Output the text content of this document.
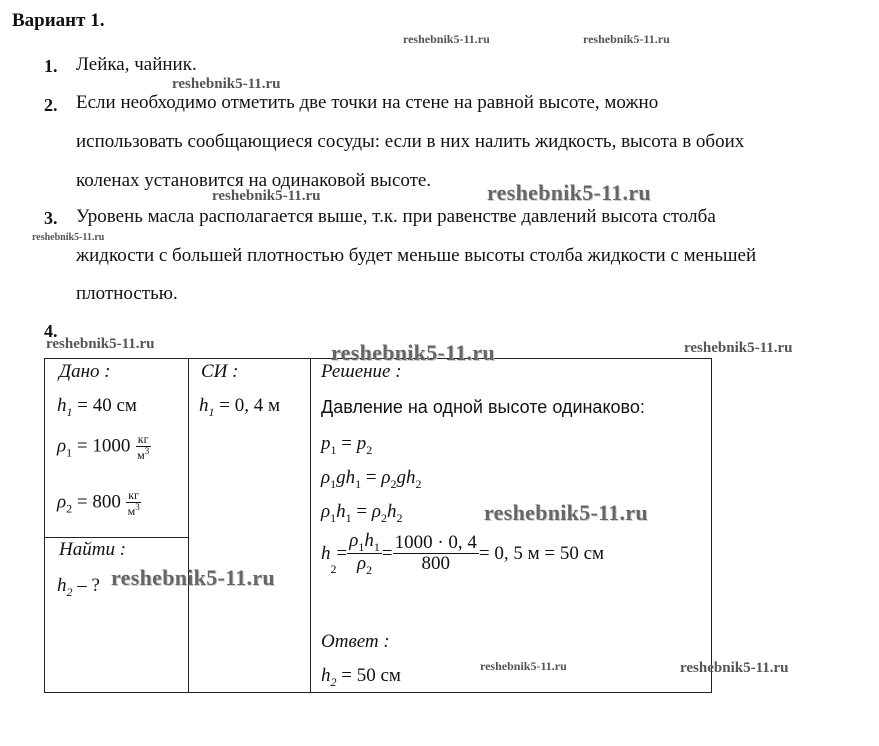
Вариант 1.
1. Лейка, чайник.
2. Если необходимо отметить две точки на стене на равной высоте, можно
использовать сообщающиеся сосуды: если в них налить жидкость, высота в обоих
коленах установится на одинаковой высоте.
3. Уровень масла располагается выше, т.к. при равенстве давлений высота столба
жидкости с большей плотностью будет меньше высоты столба жидкости с меньшей
плотностью.
4.
Дано :
$h_1 = 40$ см
$\rho_1 = 1000 \frac{кг}{м^3}$
$\rho_2 = 800 \frac{кг}{м^3}$
Найти :
$h_2$ – ?
СИ :
$h_1 = 0$, 4 м
Решение :
Давление на одной высоте одинаково:
$p_1 = p_2$
$\rho_1gh_1 = \rho_2gh_2$
$\rho_1h_1 = \rho_2h_2$
h
$_2$
= $\frac{\rho_1h_1}{\rho_2} = \frac{1000 \cdot 0, 4}{800} = 0$, 5 м = 50 см
Ответ :
$h_2 = 50$ см
reshebnik5-11.ru	reshebnik5-11.ru
reshebnik5-11.ru
reshebnik5-11.ru	reshebnik5-11.ru
reshebnik5-11.ru
reshebnik5-11.ru	reshebnik5-11.ru	reshebnik5-11.ru
reshebnik5-11.ru
reshebnik5-11.ru
reshebnik5-11.ru	reshebnik5-11.ru
